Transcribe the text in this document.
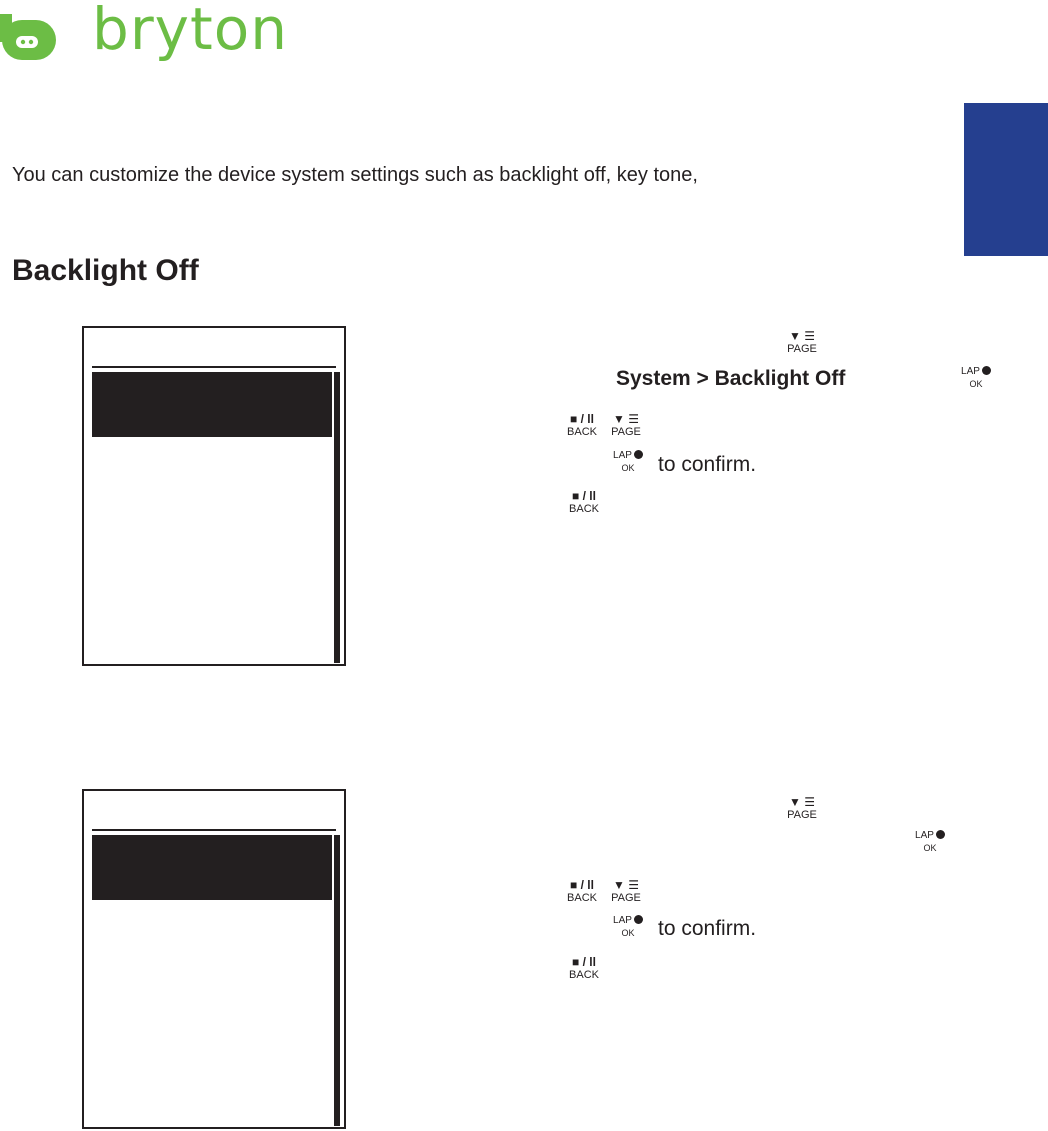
bryton
You can customize the device system settings such as backlight off, key tone,
Backlight Off
▼ ☰
PAGE
System > Backlight Off	LAP
OK
■ / ll
BACK
▼ ☰
PAGE
LAP
OK	to confirm.
■ / ll
BACK
▼ ☰
PAGE
LAP
OK
■ / ll
BACK
▼ ☰
PAGE
LAP
OK	to confirm.
■ / ll
BACK
